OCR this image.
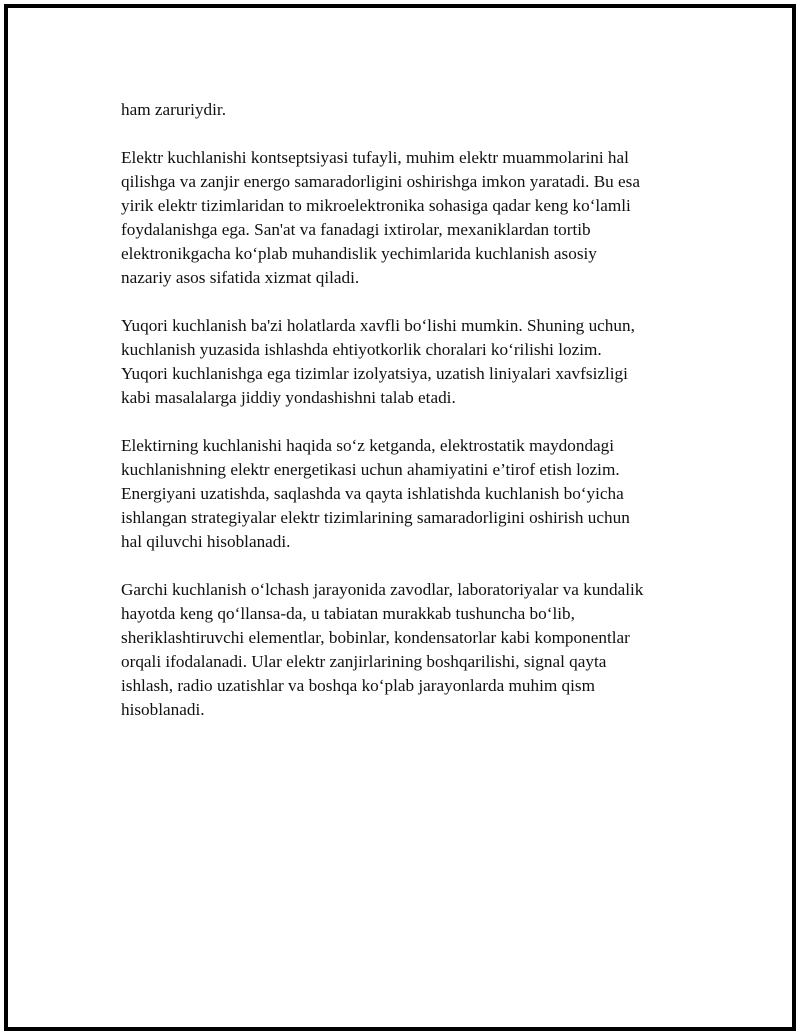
ham zaruriydir.

Elektr kuchlanishi kontseptsiyasi tufayli, muhim elektr muammolarini hal
qilishga va zanjir energo samaradorligini oshirishga imkon yaratadi. Bu esa
yirik elektr tizimlaridan to mikroelektronika sohasiga qadar keng ko‘lamli
foydalanishga ega. San'at va fanadagi ixtirolar, mexaniklardan tortib
elektronikgacha ko‘plab muhandislik yechimlarida kuchlanish asosiy
nazariy asos sifatida xizmat qiladi.

Yuqori kuchlanish ba'zi holatlarda xavfli bo‘lishi mumkin. Shuning uchun,
kuchlanish yuzasida ishlashda ehtiyotkorlik choralari ko‘rilishi lozim.
Yuqori kuchlanishga ega tizimlar izolyatsiya, uzatish liniyalari xavfsizligi
kabi masalalarga jiddiy yondashishni talab etadi.

Elektirning kuchlanishi haqida so‘z ketganda, elektrostatik maydondagi
kuchlanishning elektr energetikasi uchun ahamiyatini e’tirof etish lozim.
Energiyani uzatishda, saqlashda va qayta ishlatishda kuchlanish bo‘yicha
ishlangan strategiyalar elektr tizimlarining samaradorligini oshirish uchun
hal qiluvchi hisoblanadi.

Garchi kuchlanish o‘lchash jarayonida zavodlar, laboratoriyalar va kundalik
hayotda keng qo‘llansa-da, u tabiatan murakkab tushuncha bo‘lib,
sheriklashtiruvchi elementlar, bobinlar, kondensatorlar kabi komponentlar
orqali ifodalanadi. Ular elektr zanjirlarining boshqarilishi, signal qayta
ishlash, radio uzatishlar va boshqa ko‘plab jarayonlarda muhim qism
hisoblanadi.
